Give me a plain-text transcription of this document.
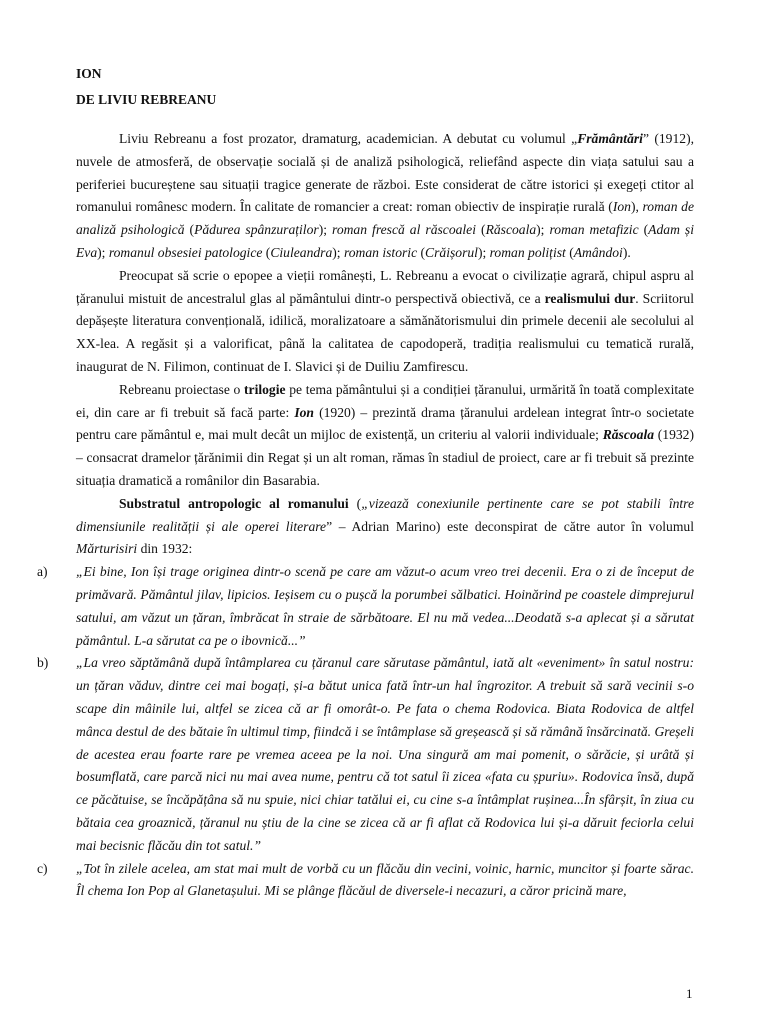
ION
DE LIVIU REBREANU

Liviu Rebreanu a fost prozator, dramaturg, academician. A debutat cu volumul „Frământări” (1912), nuvele de atmosferă, de observație socială și de analiză psihologică, reliefând aspecte din viața satului sau a periferiei bucureștene sau situații tragice generate de război. Este considerat de către istorici și exegeți ctitor al romanului românesc modern. În calitate de romancier a creat: roman obiectiv de inspirație rurală (Ion), roman de analiză psihologică (Pădurea spânzuraților); roman frescă al răscoalei (Răscoala); roman metafizic (Adam și Eva); romanul obsesiei patologice (Ciuleandra); roman istoric (Crăișorul); roman polițist (Amândoi).

Preocupat să scrie o epopee a vieții românești, L. Rebreanu a evocat o civilizație agrară, chipul aspru al țăranului mistuit de ancestralul glas al pământului dintr-o perspectivă obiectivă, ce a realismului dur. Scriitorul depășește literatura convențională, idilică, moralizatoare a sămănătorismului din primele decenii ale secolului al XX-lea. A regăsit și a valorificat, până la calitatea de capodoperă, tradiția realismului cu tematică rurală, inaugurat de N. Filimon, continuat de I. Slavici și de Duiliu Zamfirescu.

Rebreanu proiectase o trilogie pe tema pământului și a condiției țăranului, urmărită în toată complexitate ei, din care ar fi trebuit să facă parte: Ion (1920) – prezintă drama țăranului ardelean integrat într-o societate pentru care pământul e, mai mult decât un mijloc de existență, un criteriu al valorii individuale; Răscoala (1932) – consacrat dramelor țărănimii din Regat și un alt roman, rămas în stadiul de proiect, care ar fi trebuit să prezinte situația dramatică a românilor din Basarabia.

Substratul antropologic al romanului („vizează conexiunile pertinente care se pot stabili între dimensiunile realității și ale operei literare” – Adrian Marino) este deconspirat de către autor în volumul Mărturisiri din 1932:

a) „Ei bine, Ion își trage originea dintr-o scenă pe care am văzut-o acum vreo trei decenii. Era o zi de început de primăvară. Pământul jilav, lipicios. Ieșisem cu o pușcă la porumbei sălbatici. Hoinărind pe coastele dimprejurul satului, am văzut un țăran, îmbrăcat în straie de sărbătoare. El nu mă vedea...Deodată s-a aplecat și a sărutat pământul. L-a sărutat ca pe o ibovnică...”
b) „La vreo săptămână după întâmplarea cu țăranul care sărutase pământul, iată alt «eveniment» în satul nostru: un țăran văduv, dintre cei mai bogați, și-a bătut unica fată într-un hal îngrozitor. A trebuit să sară vecinii s-o scape din mâinile lui, altfel se zicea că ar fi omorât-o. Pe fata o chema Rodovica. Biata Rodovica de altfel mânca destul de des bătaie în ultimul timp, fiindcă i se întâmplase să greșească și să rămână însărcinată. Greșeli de acestea erau foarte rare pe vremea aceea pe la noi. Una singură am mai pomenit, o sărăcie, și urâtă și bosumflată, care parcă nici nu mai avea nume, pentru că tot satul îi zicea «fata cu șpuriu». Rodovica însă, după ce păcătuise, se încăpățâna să nu spuie, nici chiar tatălui ei, cu cine s-a întâmplat rușinea...În sfârșit, în ziua cu bătaia cea groaznică, țăranul nu știu de la cine se zicea că ar fi aflat că Rodovica lui și-a dăruit feciorla celui mai becisnic flăcău din tot satul.”
c) „Tot în zilele acelea, am stat mai mult de vorbă cu un flăcău din vecini, voinic, harnic, muncitor și foarte sărac. Îl chema Ion Pop al Glanetașului. Mi se plânge flăcăul de diversele-i necazuri, a căror pricină mare,
1
